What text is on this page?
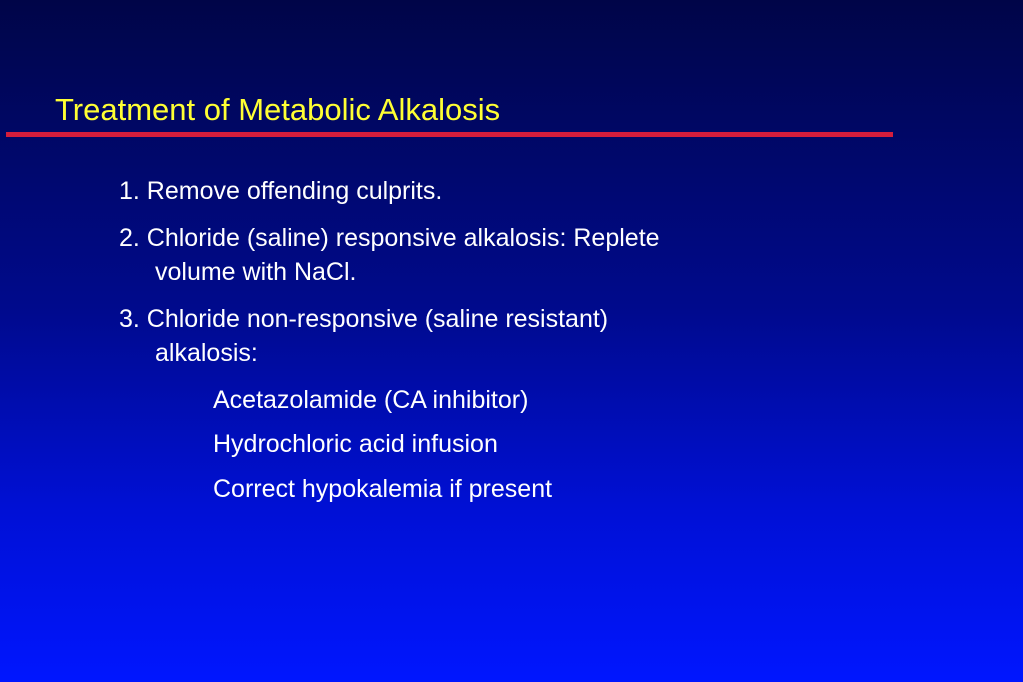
Treatment of Metabolic Alkalosis
1. Remove offending culprits.
2. Chloride (saline) responsive alkalosis: Replete
volume with NaCl.
3. Chloride non-responsive (saline resistant)
alkalosis:
Acetazolamide (CA inhibitor)
Hydrochloric acid infusion
Correct hypokalemia if present
